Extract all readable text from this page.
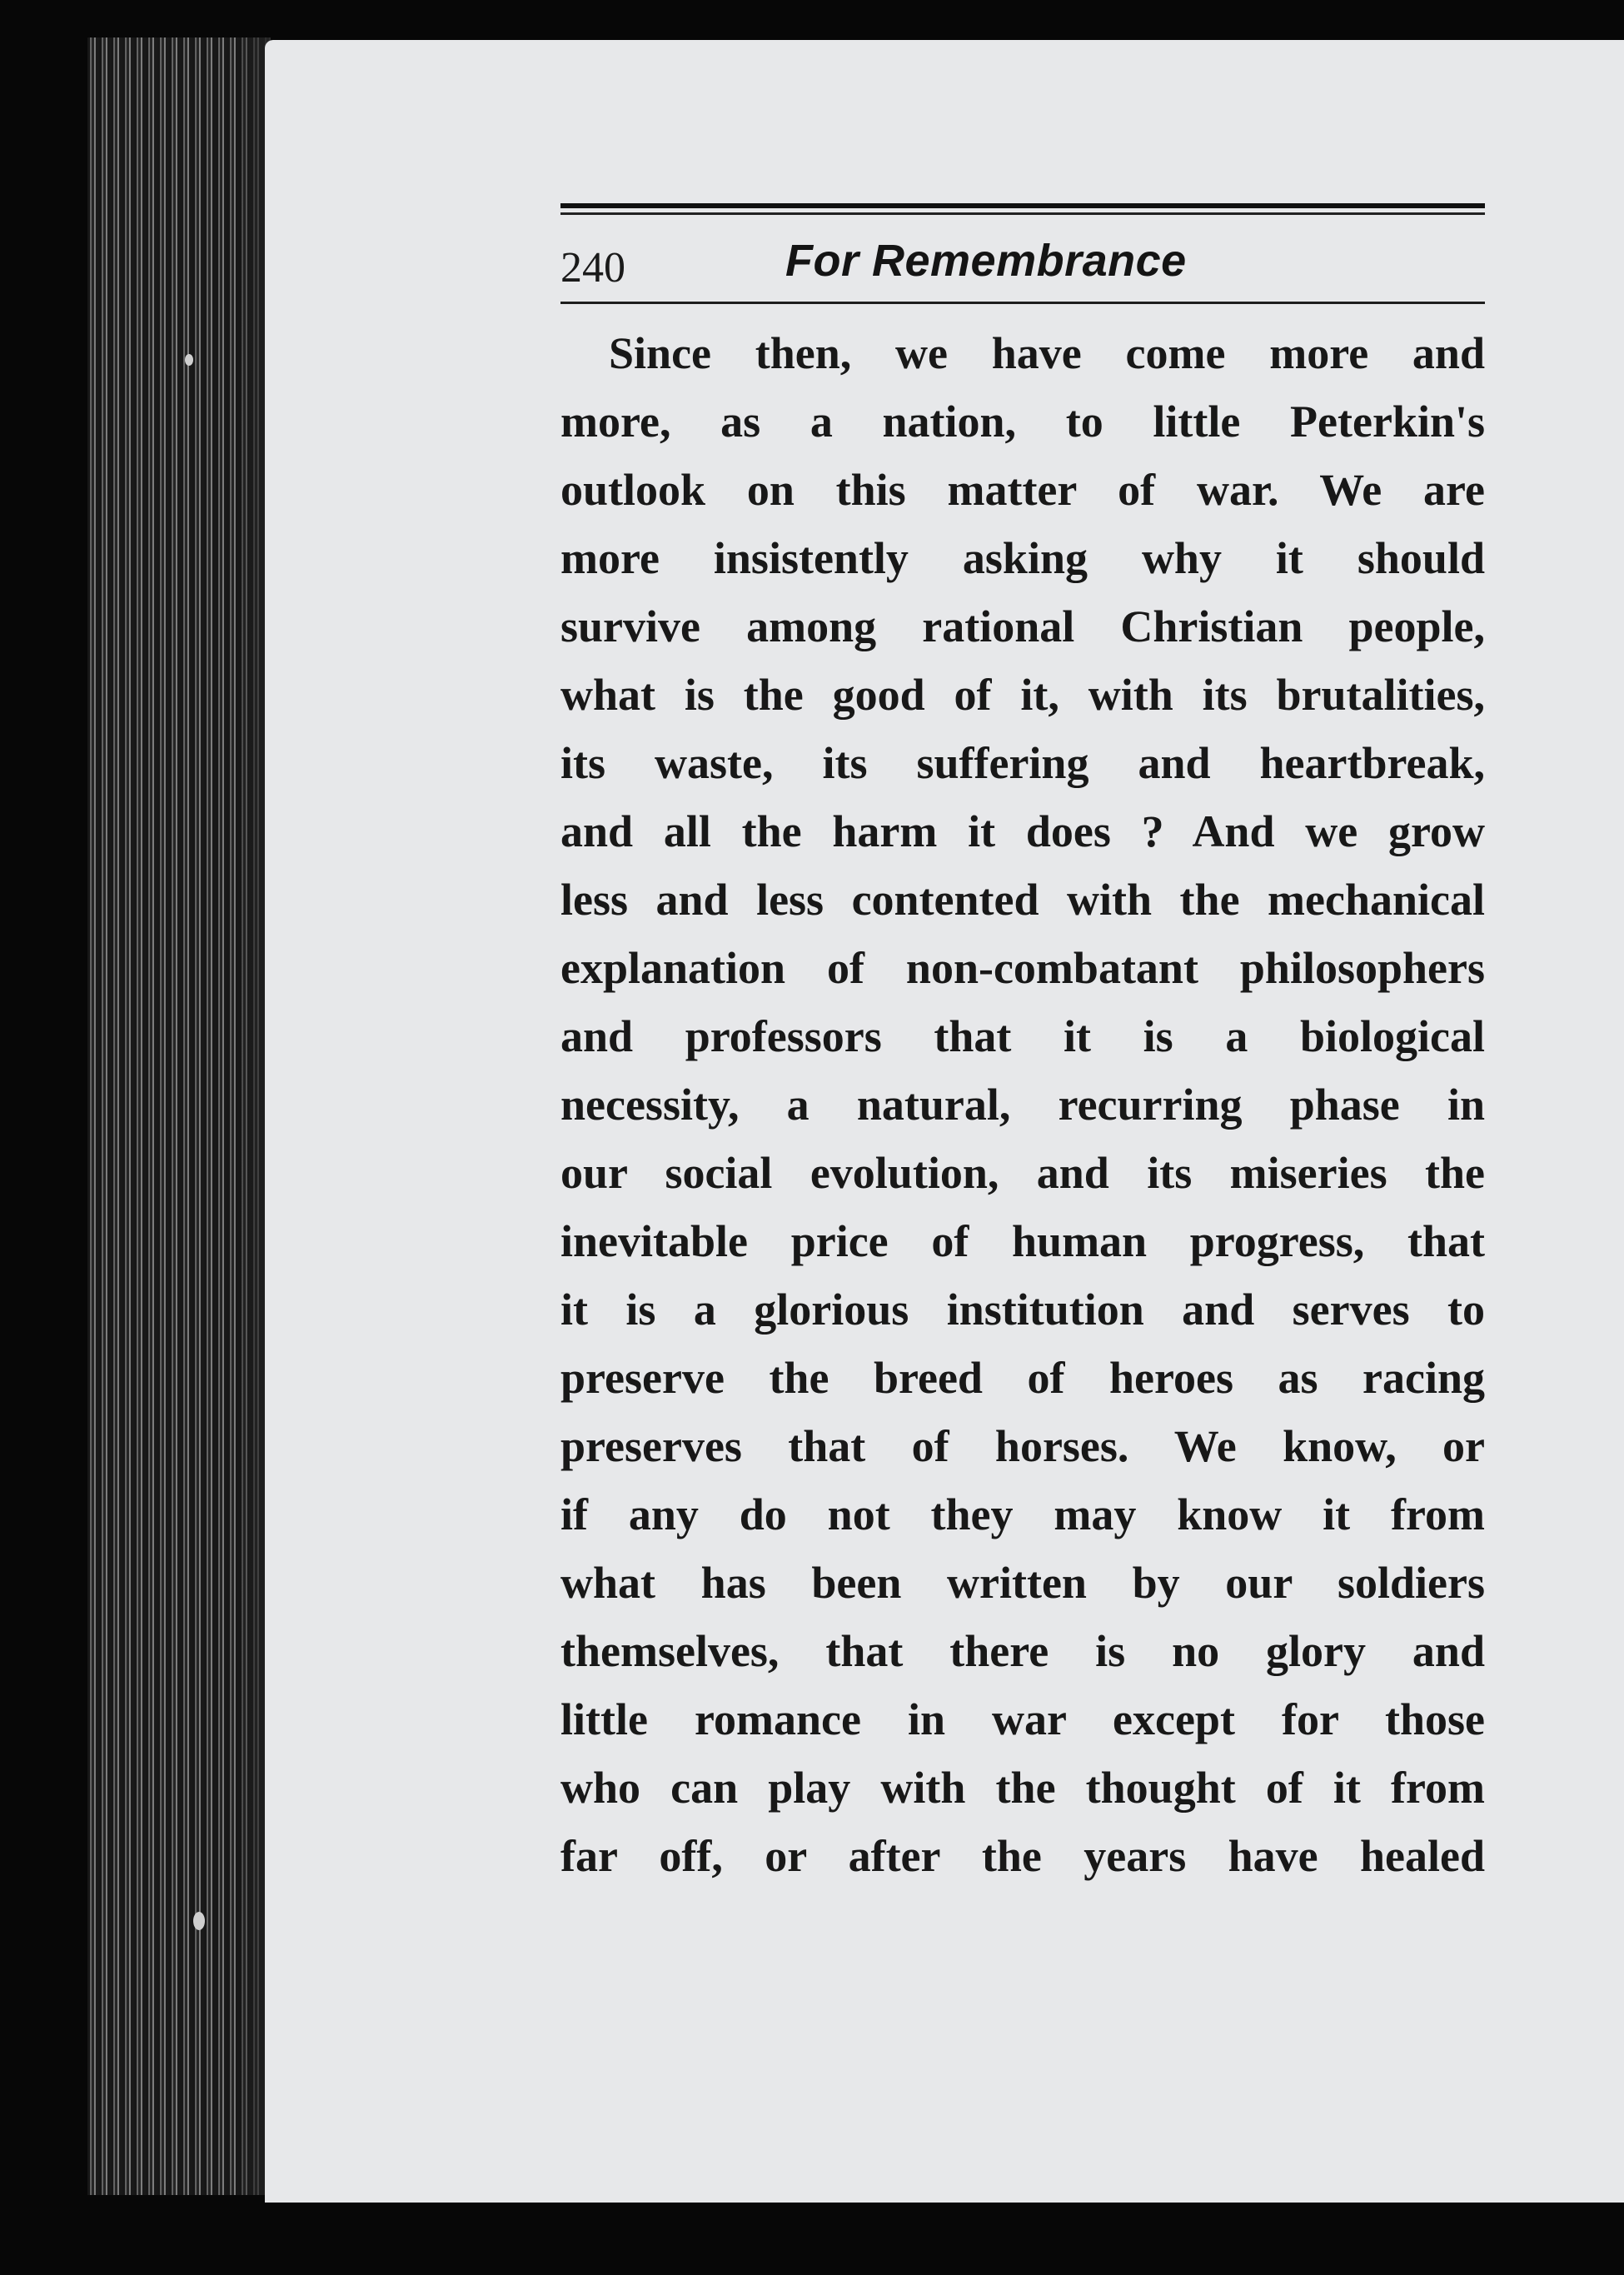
240	For Remembrance
Since then, we have come more and
more, as a nation, to little Peterkin's
outlook on this matter of war. We are
more insistently asking why it should
survive among rational Christian people,
what is the good of it, with its brutalities,
its waste, its suffering and heartbreak,
and all the harm it does ? And we grow
less and less contented with the mechanical
explanation of non-combatant philosophers
and professors that it is a biological
necessity, a natural, recurring phase in
our social evolution, and its miseries the
inevitable price of human progress, that
it is a glorious institution and serves to
preserve the breed of heroes as racing
preserves that of horses. We know, or
if any do not they may know it from
what has been written by our soldiers
themselves, that there is no glory and
little romance in war except for those
who can play with the thought of it from
far off, or after the years have healed
